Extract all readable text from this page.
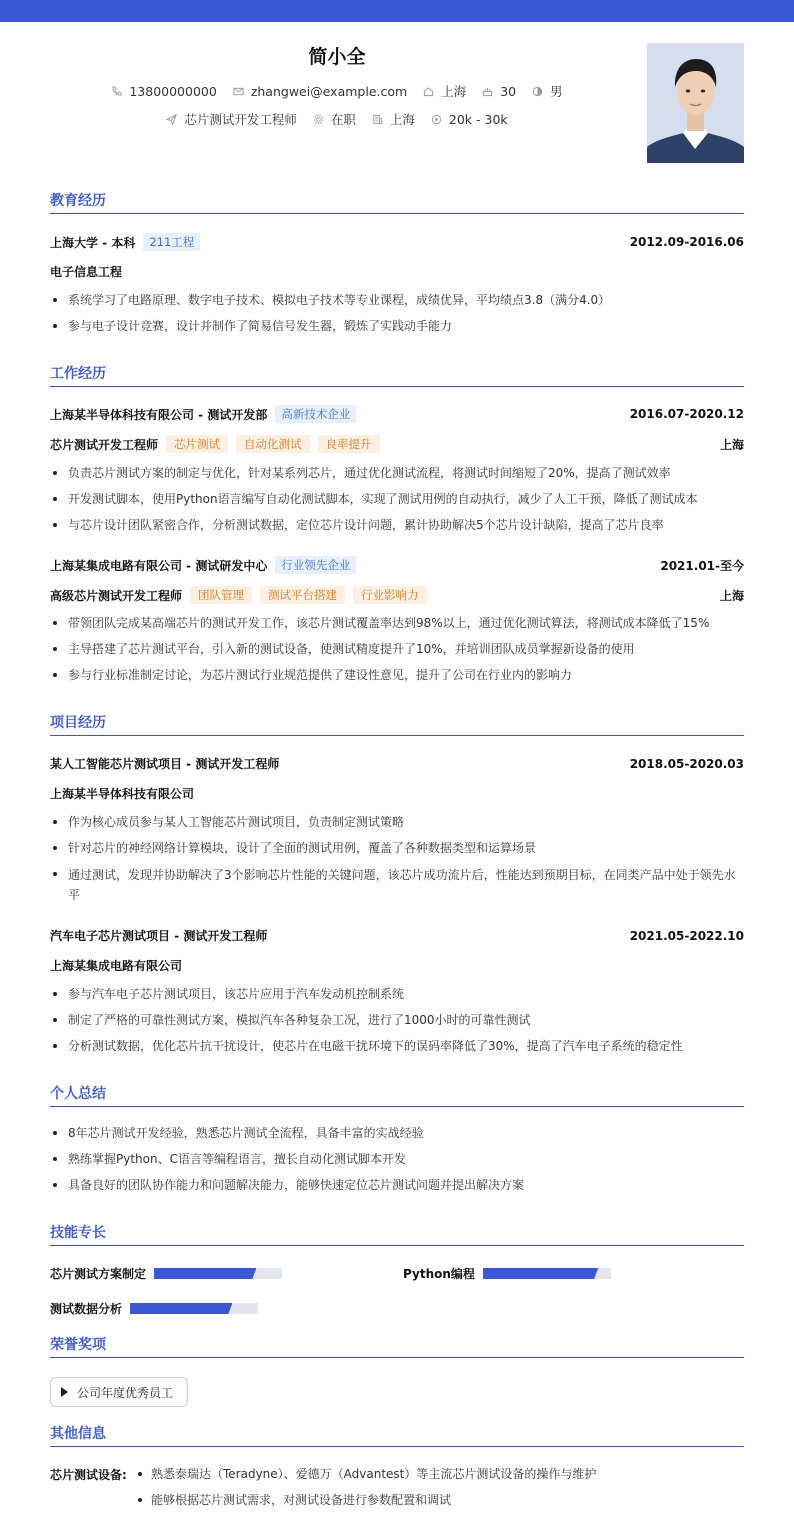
简小全
13800000000	zhangwei@example.com	上海	30	男
芯片测试开发工程师	在职	上海	20k - 30k
教育经历
上海大学 - 本科	211工程	2012.09-2016.06
电子信息工程
系统学习了电路原理、数字电子技术、模拟电子技术等专业课程，成绩优异，平均绩点3.8（满分4.0）
参与电子设计竞赛，设计并制作了简易信号发生器，锻炼了实践动手能力
工作经历
上海某半导体科技有限公司 - 测试开发部	高新技术企业	2016.07-2020.12
芯片测试开发工程师	芯片测试	自动化测试	良率提升	上海
负责芯片测试方案的制定与优化，针对某系列芯片，通过优化测试流程，将测试时间缩短了20%，提高了测试效率
开发测试脚本，使用Python语言编写自动化测试脚本，实现了测试用例的自动执行，减少了人工干预，降低了测试成本
与芯片设计团队紧密合作，分析测试数据，定位芯片设计问题，累计协助解决5个芯片设计缺陷，提高了芯片良率
上海某集成电路有限公司 - 测试研发中心	行业领先企业	2021.01-至今
高级芯片测试开发工程师	团队管理	测试平台搭建	行业影响力	上海
带领团队完成某高端芯片的测试开发工作，该芯片测试覆盖率达到98%以上，通过优化测试算法，将测试成本降低了15%
主导搭建了芯片测试平台，引入新的测试设备，使测试精度提升了10%，并培训团队成员掌握新设备的使用
参与行业标准制定讨论，为芯片测试行业规范提供了建设性意见，提升了公司在行业内的影响力
项目经历
某人工智能芯片测试项目 - 测试开发工程师	2018.05-2020.03
上海某半导体科技有限公司
作为核心成员参与某人工智能芯片测试项目，负责制定测试策略
针对芯片的神经网络计算模块，设计了全面的测试用例，覆盖了各种数据类型和运算场景
通过测试，发现并协助解决了3个影响芯片性能的关键问题，该芯片成功流片后，性能达到预期目标，在同类产品中处于领先水平
汽车电子芯片测试项目 - 测试开发工程师	2021.05-2022.10
上海某集成电路有限公司
参与汽车电子芯片测试项目，该芯片应用于汽车发动机控制系统
制定了严格的可靠性测试方案，模拟汽车各种复杂工况，进行了1000小时的可靠性测试
分析测试数据，优化芯片抗干扰设计，使芯片在电磁干扰环境下的误码率降低了30%，提高了汽车电子系统的稳定性
个人总结
8年芯片测试开发经验，熟悉芯片测试全流程，具备丰富的实战经验
熟练掌握Python、C语言等编程语言，擅长自动化测试脚本开发
具备良好的团队协作能力和问题解决能力，能够快速定位芯片测试问题并提出解决方案
技能专长
芯片测试方案制定	Python编程
测试数据分析
荣誉奖项
公司年度优秀员工
其他信息
芯片测试设备:	熟悉泰瑞达（Teradyne）、爱德万（Advantest）等主流芯片测试设备的操作与维护
能够根据芯片测试需求，对测试设备进行参数配置和调试
